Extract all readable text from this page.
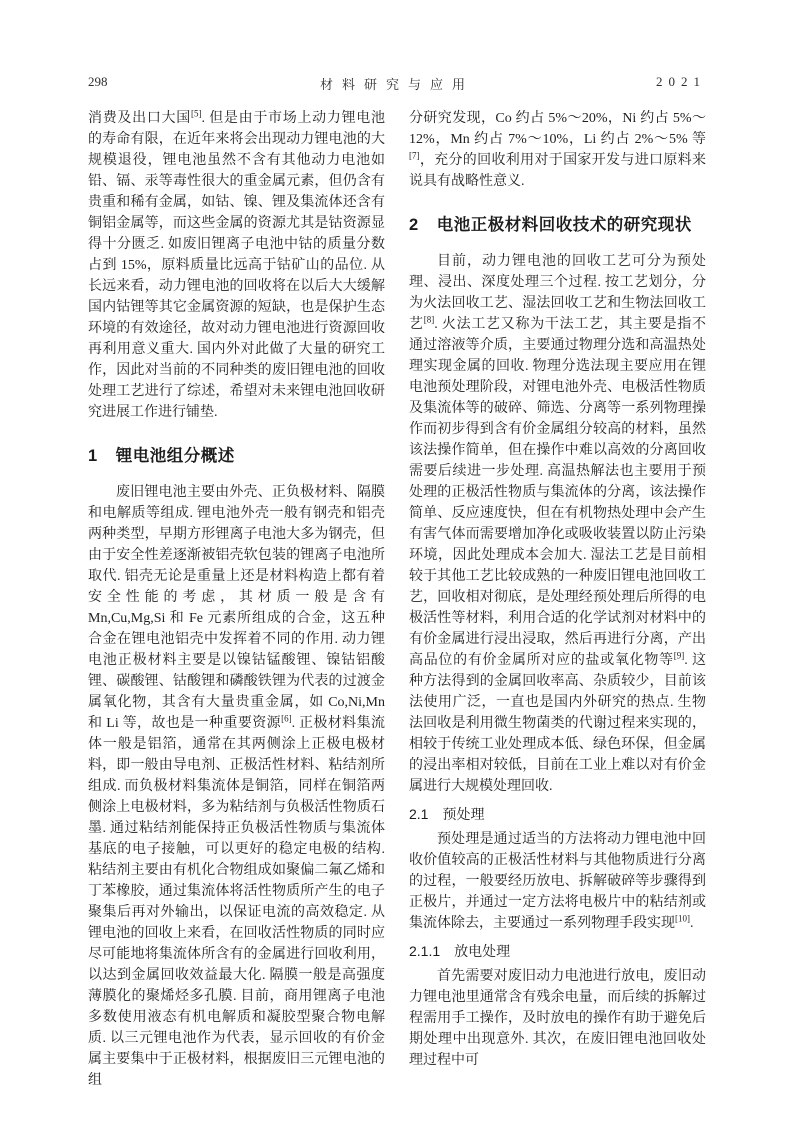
298	材料研究与应用	2021

消费及出口大国[5]. 但是由于市场上动力锂电池的寿命有限，在近年来将会出现动力锂电池的大规模退役，锂电池虽然不含有其他动力电池如铅、镉、汞等毒性很大的重金属元素，但仍含有贵重和稀有金属，如钴、镍、锂及集流体还含有铜铝金属等，而这些金属的资源尤其是钴资源显得十分匮乏. 如废旧锂离子电池中钴的质量分数占到 15%，原料质量比远高于钴矿山的品位. 从长远来看，动力锂电池的回收将在以后大大缓解国内钴锂等其它金属资源的短缺，也是保护生态环境的有效途径，故对动力锂电池进行资源回收再利用意义重大. 国内外对此做了大量的研究工作，因此对当前的不同种类的废旧锂电池的回收处理工艺进行了综述，希望对未来锂电池回收研究进展工作进行铺垫.

1 锂电池组分概述

废旧锂电池主要由外壳、正负极材料、隔膜和电解质等组成. 锂电池外壳一般有钢壳和铝壳两种类型，早期方形锂离子电池大多为钢壳，但由于安全性差逐渐被铝壳软包装的锂离子电池所取代. 铝壳无论是重量上还是材料构造上都有着安全性能的考虑，其材质一般是含有 Mn,Cu,Mg,Si 和 Fe 元素所组成的合金，这五种合金在锂电池铝壳中发挥着不同的作用. 动力锂电池正极材料主要是以镍钴锰酸锂、镍钴铝酸锂、碳酸锂、钴酸锂和磷酸铁锂为代表的过渡金属氧化物，其含有大量贵重金属，如 Co,Ni,Mn 和 Li 等，故也是一种重要资源[6]. 正极材料集流体一般是铝箔，通常在其两侧涂上正极电极材料，即一般由导电剂、正极活性材料、粘结剂所组成. 而负极材料集流体是铜箔，同样在铜箔两侧涂上电极材料，多为粘结剂与负极活性物质石墨. 通过粘结剂能保持正负极活性物质与集流体基底的电子接触，可以更好的稳定电极的结构. 粘结剂主要由有机化合物组成如聚偏二氟乙烯和丁苯橡胶，通过集流体将活性物质所产生的电子聚集后再对外输出，以保证电流的高效稳定. 从锂电池的回收上来看，在回收活性物质的同时应尽可能地将集流体所含有的金属进行回收利用，以达到金属回收效益最大化. 隔膜一般是高强度薄膜化的聚烯烃多孔膜. 目前，商用锂离子电池多数使用液态有机电解质和凝胶型聚合物电解质. 以三元锂电池作为代表，显示回收的有价金属主要集中于正极材料，根据废旧三元锂电池的组

分研究发现，Co 约占 5%～20%，Ni 约占 5%～12%，Mn 约占 7%～10%，Li 约占 2%～5% 等[7]，充分的回收利用对于国家开发与进口原料来说具有战略性意义.

2 电池正极材料回收技术的研究现状

目前，动力锂电池的回收工艺可分为预处理、浸出、深度处理三个过程. 按工艺划分，分为火法回收工艺、湿法回收工艺和生物法回收工艺[8]. 火法工艺又称为干法工艺，其主要是指不通过溶液等介质，主要通过物理分选和高温热处理实现金属的回收. 物理分选法现主要应用在锂电池预处理阶段，对锂电池外壳、电极活性物质及集流体等的破碎、筛选、分离等一系列物理操作而初步得到含有价金属组分较高的材料，虽然该法操作简单，但在操作中难以高效的分离回收需要后续进一步处理. 高温热解法也主要用于预处理的正极活性物质与集流体的分离，该法操作简单、反应速度快，但在有机物热处理中会产生有害气体而需要增加净化或吸收装置以防止污染环境，因此处理成本会加大. 湿法工艺是目前相较于其他工艺比较成熟的一种废旧锂电池回收工艺，回收相对彻底，是处理经预处理后所得的电极活性等材料，利用合适的化学试剂对材料中的有价金属进行浸出浸取，然后再进行分离，产出高品位的有价金属所对应的盐或氧化物等[9]. 这种方法得到的金属回收率高、杂质较少，目前该法使用广泛，一直也是国内外研究的热点. 生物法回收是利用微生物菌类的代谢过程来实现的，相较于传统工业处理成本低、绿色环保，但金属的浸出率相对较低，目前在工业上难以对有价金属进行大规模处理回收.

2.1 预处理

预处理是通过适当的方法将动力锂电池中回收价值较高的正极活性材料与其他物质进行分离的过程，一般要经历放电、拆解破碎等步骤得到正极片，并通过一定方法将电极片中的粘结剂或集流体除去，主要通过一系列物理手段实现[10].

2.1.1 放电处理

首先需要对废旧动力电池进行放电，废旧动力锂电池里通常含有残余电量，而后续的拆解过程需用手工操作，及时放电的操作有助于避免后期处理中出现意外. 其次，在废旧锂电池回收处理过程中可
